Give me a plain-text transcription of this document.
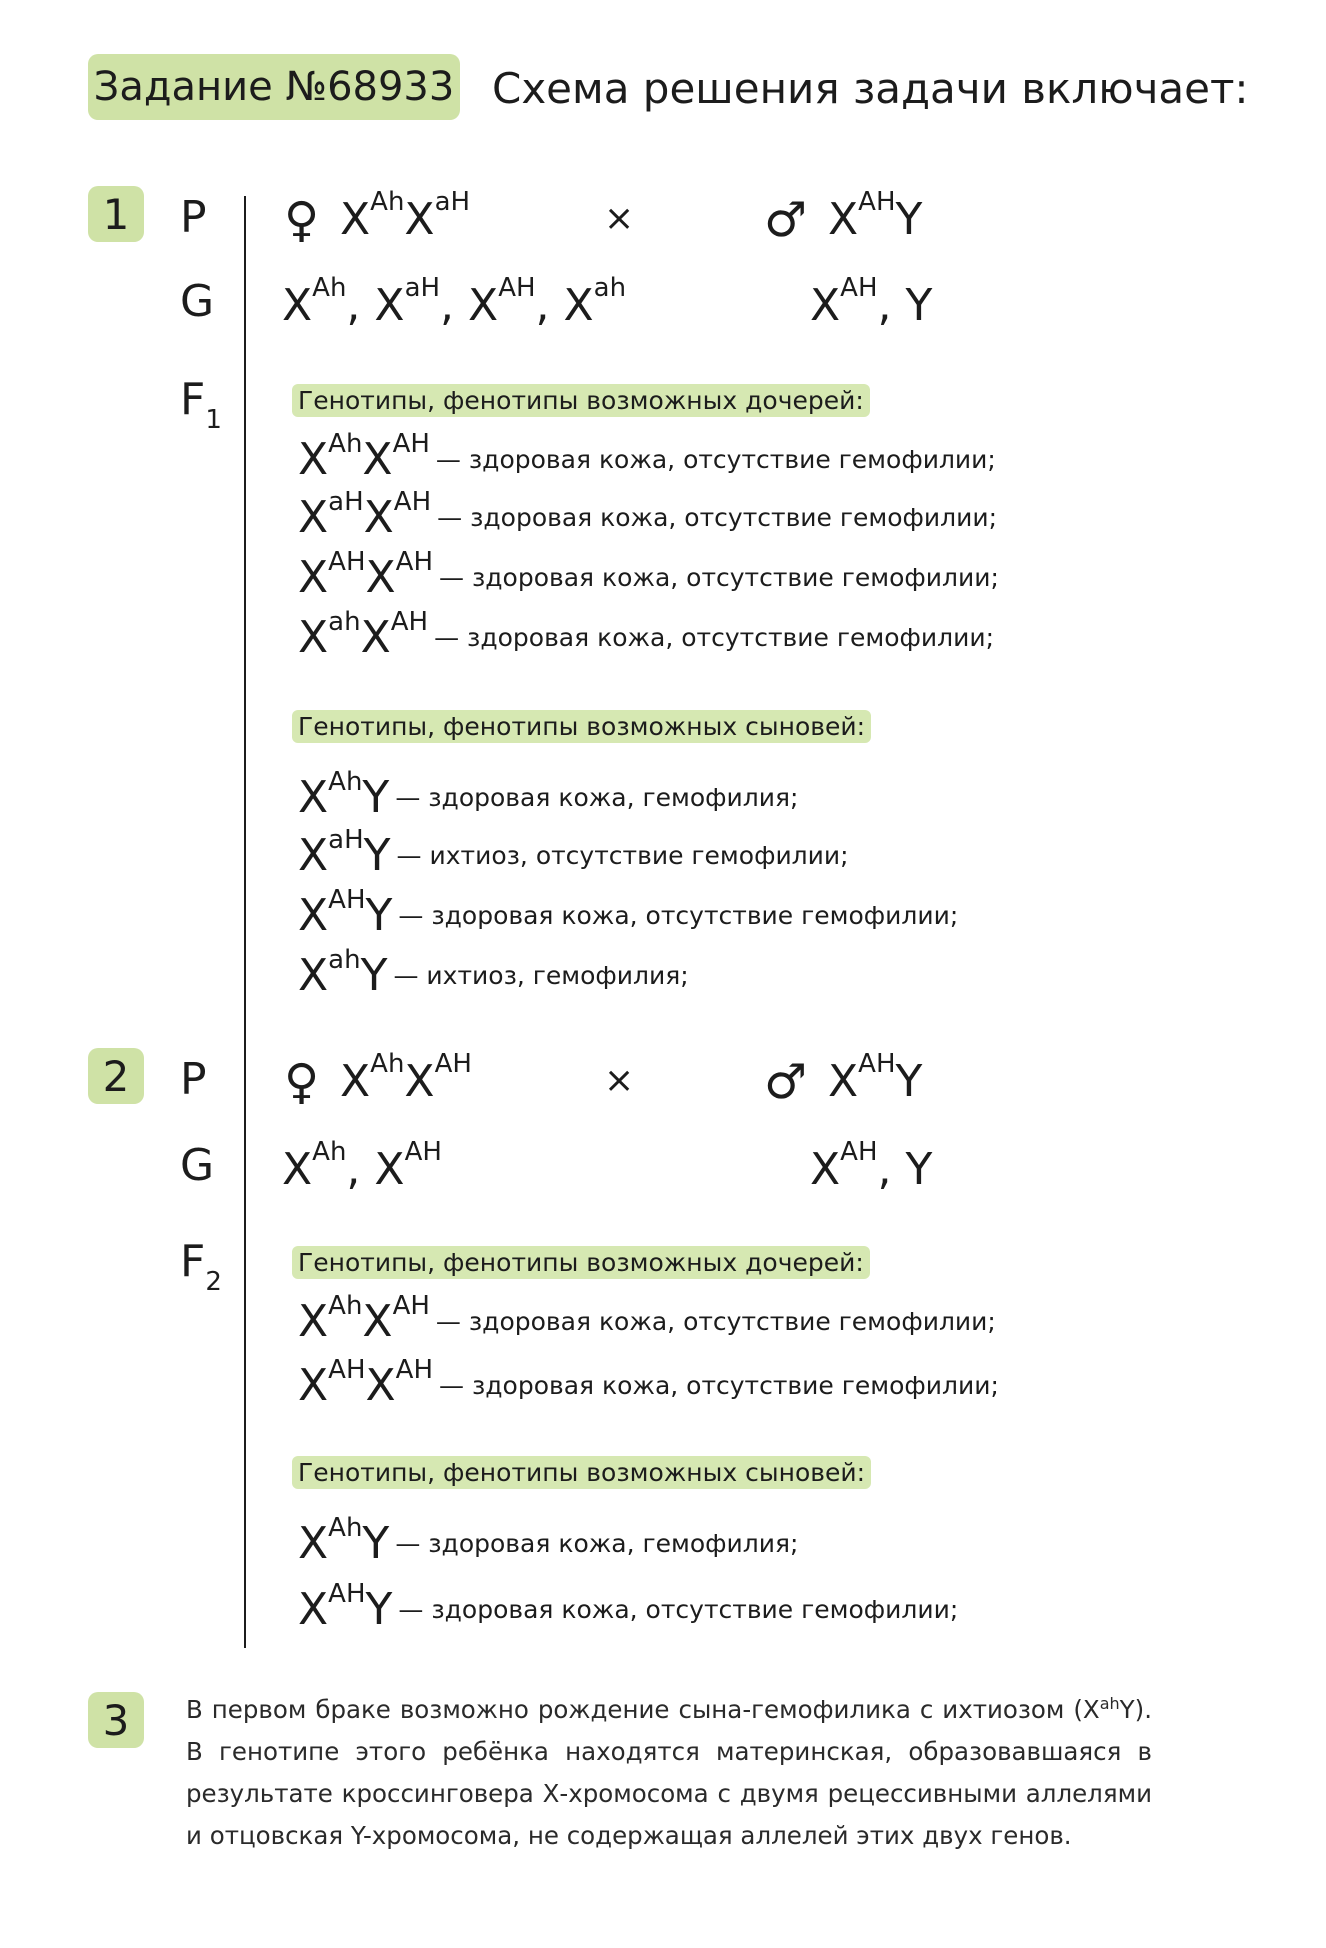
Задание №68933 Схема решения задачи включает:
1 P
G
$F_1$
♀ $X^{Ah}X^{aH}$	×	♂ $X^{AH}Y$
$X^{Ah}$, $X^{aH}$, $X^{AH}$, $X^{ah}$	$X^{AH}$, Y
Генотипы, фенотипы возможных дочерей:
$X^{Ah}X^{AH}—$ здоровая кожа, отсутствие гемофилии;
$X^{aH}X^{AH}—$ здоровая кожа, отсутствие гемофилии;
$X^{AH}X^{AH}—$ здоровая кожа, отсутствие гемофилии;
$X^{ah}X^{AH}—$ здоровая кожа, отсутствие гемофилии;
Генотипы, фенотипы возможных сыновей:
$X^{Ah}Y—$ здоровая кожа, гемофилия;
$X^{aH}Y—$ ихтиоз, отсутствие гемофилии;
$X^{AH}Y—$ здоровая кожа, отсутствие гемофилии;
$X^{ah}Y—$ ихтиоз, гемофилия;
2 P
G
$F_2$
♀ $X^{Ah}X^{AH}$	×	♂ $X^{AH}Y$
$X^{Ah}$, $X^{AH}$	$X^{AH}$, Y
Генотипы, фенотипы возможных дочерей:
$X^{Ah}X^{AH}—$ здоровая кожа, отсутствие гемофилии;
$X^{AH}X^{AH}—$ здоровая кожа, отсутствие гемофилии;
Генотипы, фенотипы возможных сыновей:
$X^{Ah}Y—$ здоровая кожа, гемофилия;
$X^{AH}Y—$ здоровая кожа, отсутствие гемофилии;
3 В первом браке возможно рождение сына-гемофилика с ихтиозом $(X^{ah}Y)$. В генотипе этого ребёнка находятся материнская, образовавшаяся в результате кроссинговера Х-хромосома с двумя рецессивными аллелями и отцовская Y-хромосома, не содержащая аллелей этих двух генов.
